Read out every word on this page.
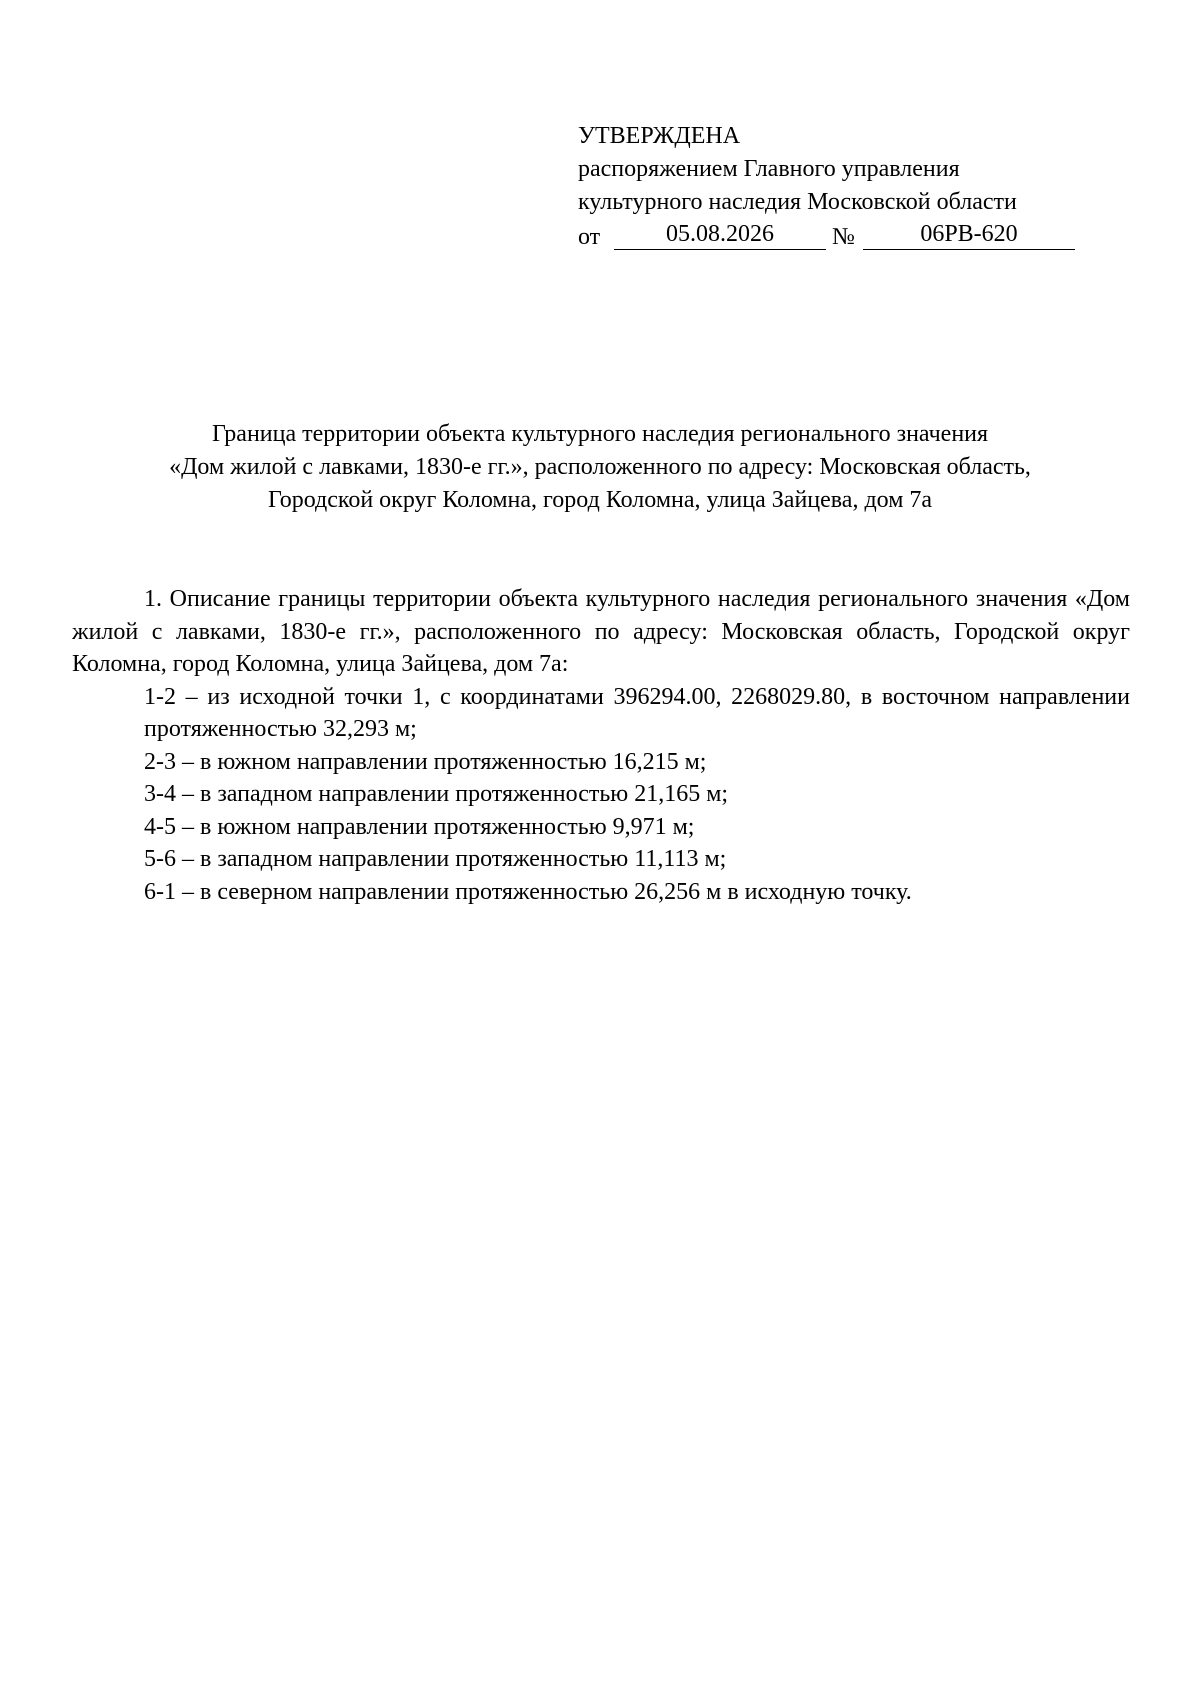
УТВЕРЖДЕНА
распоряжением Главного управления
культурного наследия Московской области
от	05.08.2026	№	06РВ-620
Граница территории объекта культурного наследия регионального значения
«Дом жилой с лавками, 1830-е гг.», расположенного по адресу: Московская область,
Городской округ Коломна, город Коломна, улица Зайцева, дом 7а

1. Описание границы территории объекта культурного наследия регионального значения «Дом жилой с лавками, 1830-е гг.», расположенного по адресу: Московская область, Городской округ Коломна, город Коломна, улица Зайцева, дом 7а:

1-2 – из исходной точки 1, с координатами 396294.00, 2268029.80, в восточном направлении протяженностью 32,293 м;
2-3 – в южном направлении протяженностью 16,215 м;
3-4 – в западном направлении протяженностью 21,165 м;
4-5 – в южном направлении протяженностью 9,971 м;
5-6 – в западном направлении протяженностью 11,113 м;
6-1 – в северном направлении протяженностью 26,256 м в исходную точку.
